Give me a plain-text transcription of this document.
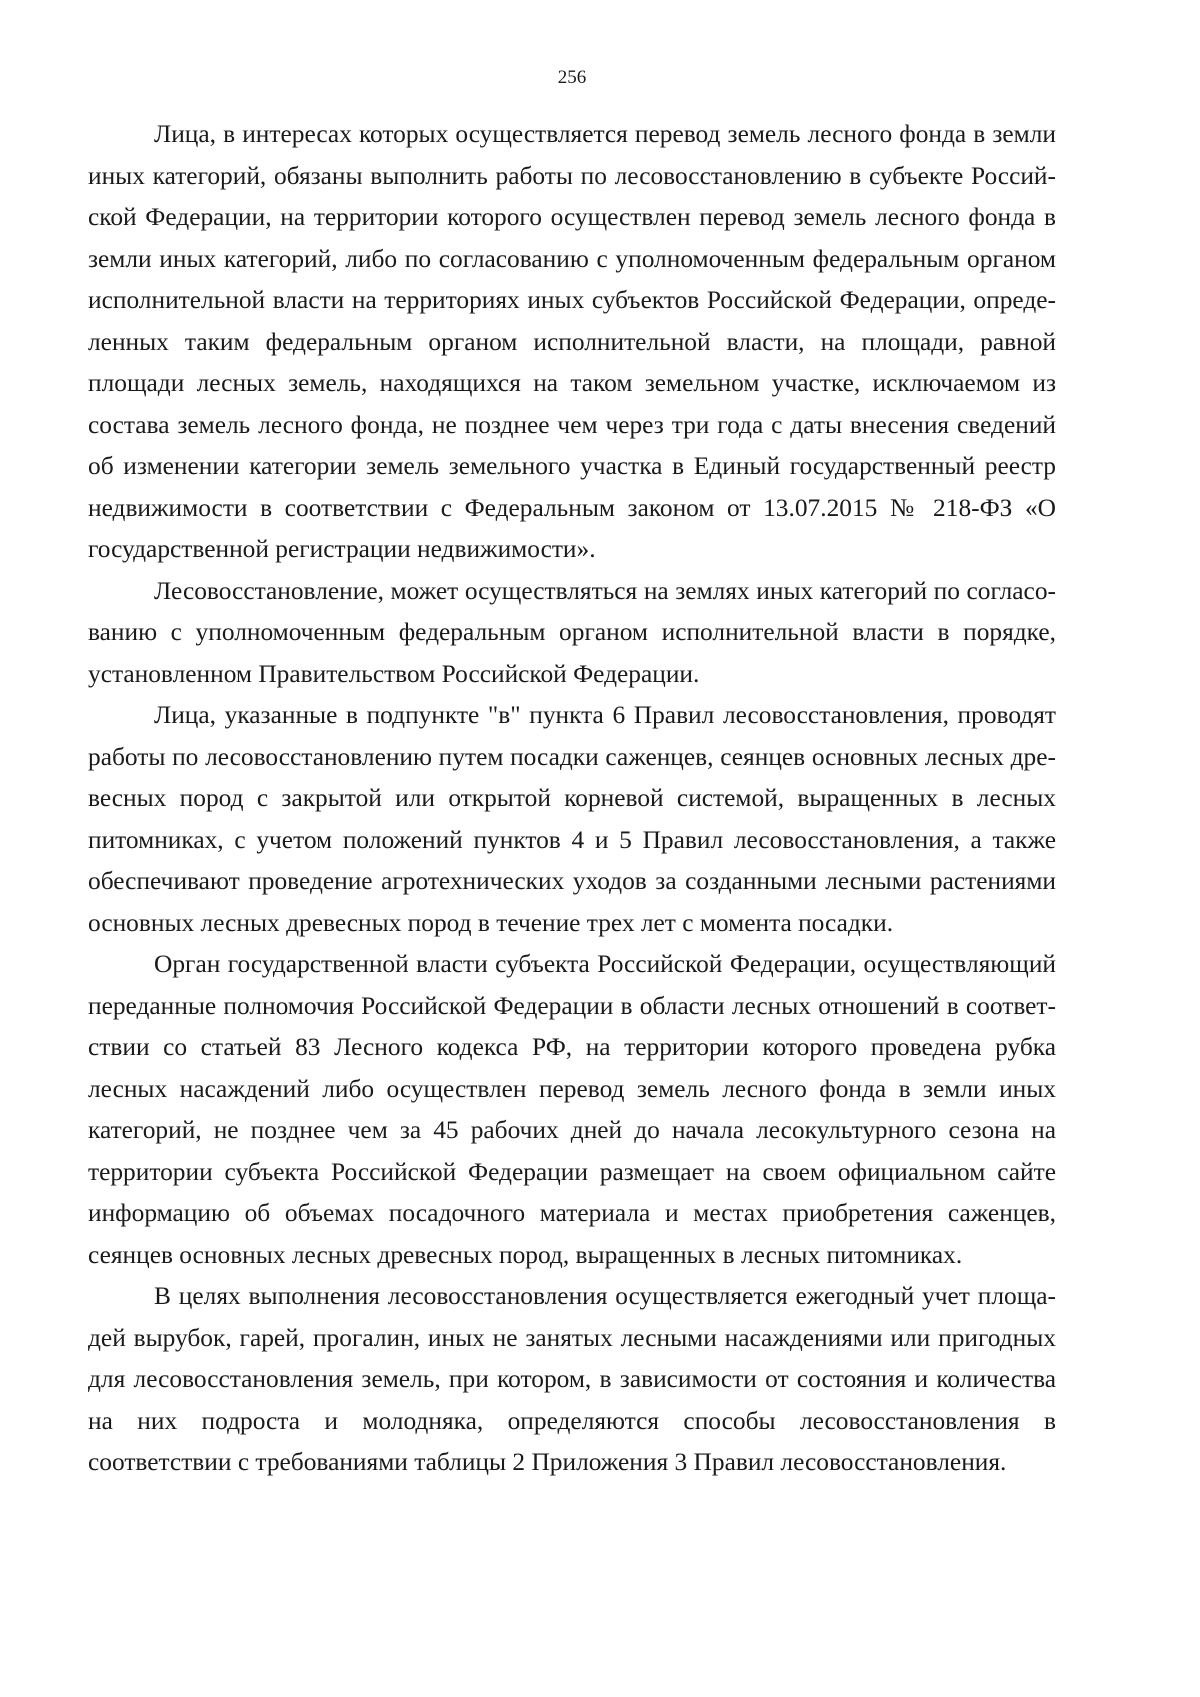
256

Лица, в интересах которых осуществляется перевод земель лесного фонда в земли иных категорий, обязаны выполнить работы по лесовосстановлению в субъекте Российской Федерации, на территории которого осуществлен перевод земель лесного фонда в земли иных категорий, либо по согласованию с уполномоченным федеральным органом исполнительной власти на территориях иных субъектов Российской Федерации, определенных таким федеральным органом исполнительной власти, на площади, равной площади лесных земель, находящихся на таком земельном участке, исключаемом из состава земель лесного фонда, не позднее чем через три года с даты внесения сведений об изменении категории земель земельного участка в Единый государственный реестр недвижимости в соответствии с Федеральным законом от 13.07.2015 № 218-ФЗ «О государственной регистрации недвижимости».

Лесовосстановление, может осуществляться на землях иных категорий по согласованию с уполномоченным федеральным органом исполнительной власти в порядке, установленном Правительством Российской Федерации.

Лица, указанные в подпункте "в" пункта 6 Правил лесовосстановления, проводят работы по лесовосстановлению путем посадки саженцев, сеянцев основных лесных древесных пород с закрытой или открытой корневой системой, выращенных в лесных питомниках, с учетом положений пунктов 4 и 5 Правил лесовосстановления, а также обеспечивают проведение агротехнических уходов за созданными лесными растениями основных лесных древесных пород в течение трех лет с момента посадки.

Орган государственной власти субъекта Российской Федерации, осуществляющий переданные полномочия Российской Федерации в области лесных отношений в соответствии со статьей 83 Лесного кодекса РФ, на территории которого проведена рубка лесных насаждений либо осуществлен перевод земель лесного фонда в земли иных категорий, не позднее чем за 45 рабочих дней до начала лесокультурного сезона на территории субъекта Российской Федерации размещает на своем официальном сайте информацию об объемах посадочного материала и местах приобретения саженцев, сеянцев основных лесных древесных пород, выращенных в лесных питомниках.

В целях выполнения лесовосстановления осуществляется ежегодный учет площадей вырубок, гарей, прогалин, иных не занятых лесными насаждениями или пригодных для лесовосстановления земель, при котором, в зависимости от состояния и количества на них подроста и молодняка, определяются способы лесовосстановления в соответствии с требованиями таблицы 2 Приложения 3 Правил лесовосстановления.
